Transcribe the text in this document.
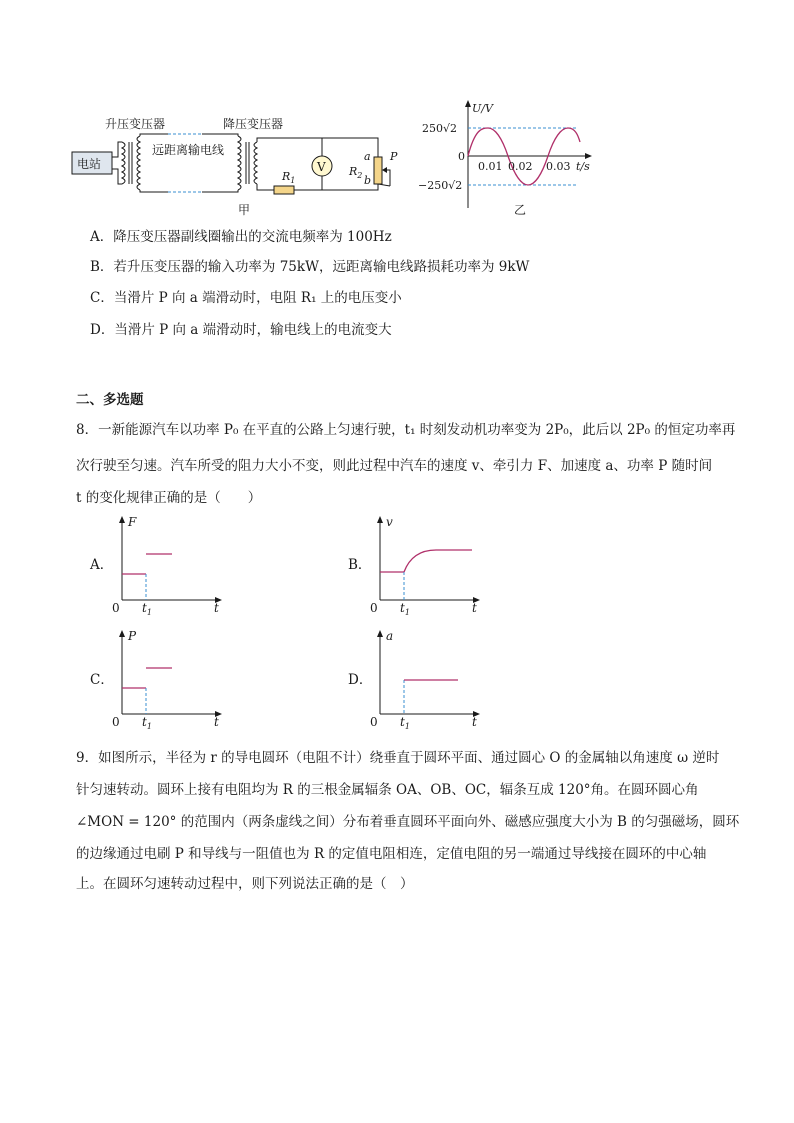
升压变压器	降压变压器
电站
远距离输电线
$R_1$
V $R_2$
a
b
P
甲
U/V
t/s
250√2
−250√2
0
0.01 0.02 0.03
乙
A．降压变压器副线圈输出的交流电频率为 100Hz
B．若升压变压器的输入功率为 75kW，远距离输电线路损耗功率为 9kW
C．当滑片 P 向 a 端滑动时，电阻 R₁ 上的电压变小
D．当滑片 P 向 a 端滑动时，输电线上的电流变大
二、多选题
8．一新能源汽车以功率 P₀ 在平直的公路上匀速行驶，t₁ 时刻发动机功率变为 2P₀，此后以 2P₀ 的恒定功率再
次行驶至匀速。汽车所受的阻力大小不变，则此过程中汽车的速度 v、牵引力 F、加速度 a、功率 P 随时间
t 的变化规律正确的是（　　）
A．
F
t
0 $t_1$
B．
v
t
0 $t_1$
C．
P
t
0 $t_1$
D．
a
t
0 $t_1$
9．如图所示，半径为 r 的导电圆环（电阻不计）绕垂直于圆环平面、通过圆心 O 的金属轴以角速度 ω 逆时
针匀速转动。圆环上接有电阻均为 R 的三根金属辐条 OA、OB、OC，辐条互成 120°角。在圆环圆心角
∠MON = 120° 的范围内（两条虚线之间）分布着垂直圆环平面向外、磁感应强度大小为 B 的匀强磁场，圆环
的边缘通过电刷 P 和导线与一阻值也为 R 的定值电阻相连，定值电阻的另一端通过导线接在圆环的中心轴
上。在圆环匀速转动过程中，则下列说法正确的是（　）
